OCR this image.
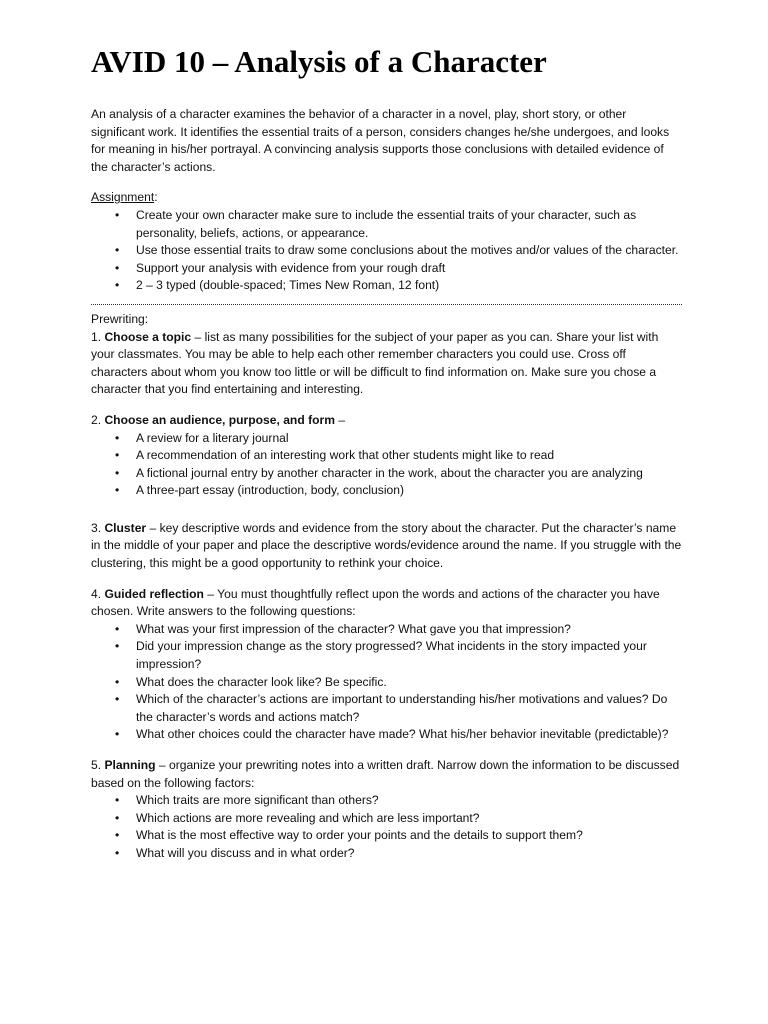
AVID 10 – Analysis of a Character

An analysis of a character examines the behavior of a character in a novel, play, short story, or other significant work. It identifies the essential traits of a person, considers changes he/she undergoes, and looks for meaning in his/her portrayal. A convincing analysis supports those conclusions with detailed evidence of the character’s actions.

Assignment:

• Create your own character make sure to include the essential traits of your character, such as personality, beliefs, actions, or appearance.
• Use those essential traits to draw some conclusions about the motives and/or values of the character.
• Support your analysis with evidence from your rough draft
• 2 – 3 typed (double-spaced; Times New Roman, 12 font)

Prewriting:

1. Choose a topic – list as many possibilities for the subject of your paper as you can. Share your list with your classmates. You may be able to help each other remember characters you could use. Cross off characters about whom you know too little or will be difficult to find information on. Make sure you chose a character that you find entertaining and interesting.

2. Choose an audience, purpose, and form –

• A review for a literary journal
• A recommendation of an interesting work that other students might like to read
• A fictional journal entry by another character in the work, about the character you are analyzing
• A three-part essay (introduction, body, conclusion)

3. Cluster – key descriptive words and evidence from the story about the character. Put the character’s name in the middle of your paper and place the descriptive words/evidence around the name. If you struggle with the clustering, this might be a good opportunity to rethink your choice.

4. Guided reflection – You must thoughtfully reflect upon the words and actions of the character you have chosen. Write answers to the following questions:

• What was your first impression of the character? What gave you that impression?
• Did your impression change as the story progressed? What incidents in the story impacted your impression?
• What does the character look like? Be specific.
• Which of the character’s actions are important to understanding his/her motivations and values? Do the character’s words and actions match?
• What other choices could the character have made? What his/her behavior inevitable (predictable)?

5. Planning – organize your prewriting notes into a written draft. Narrow down the information to be discussed based on the following factors:

• Which traits are more significant than others?
• Which actions are more revealing and which are less important?
• What is the most effective way to order your points and the details to support them?
• What will you discuss and in what order?
